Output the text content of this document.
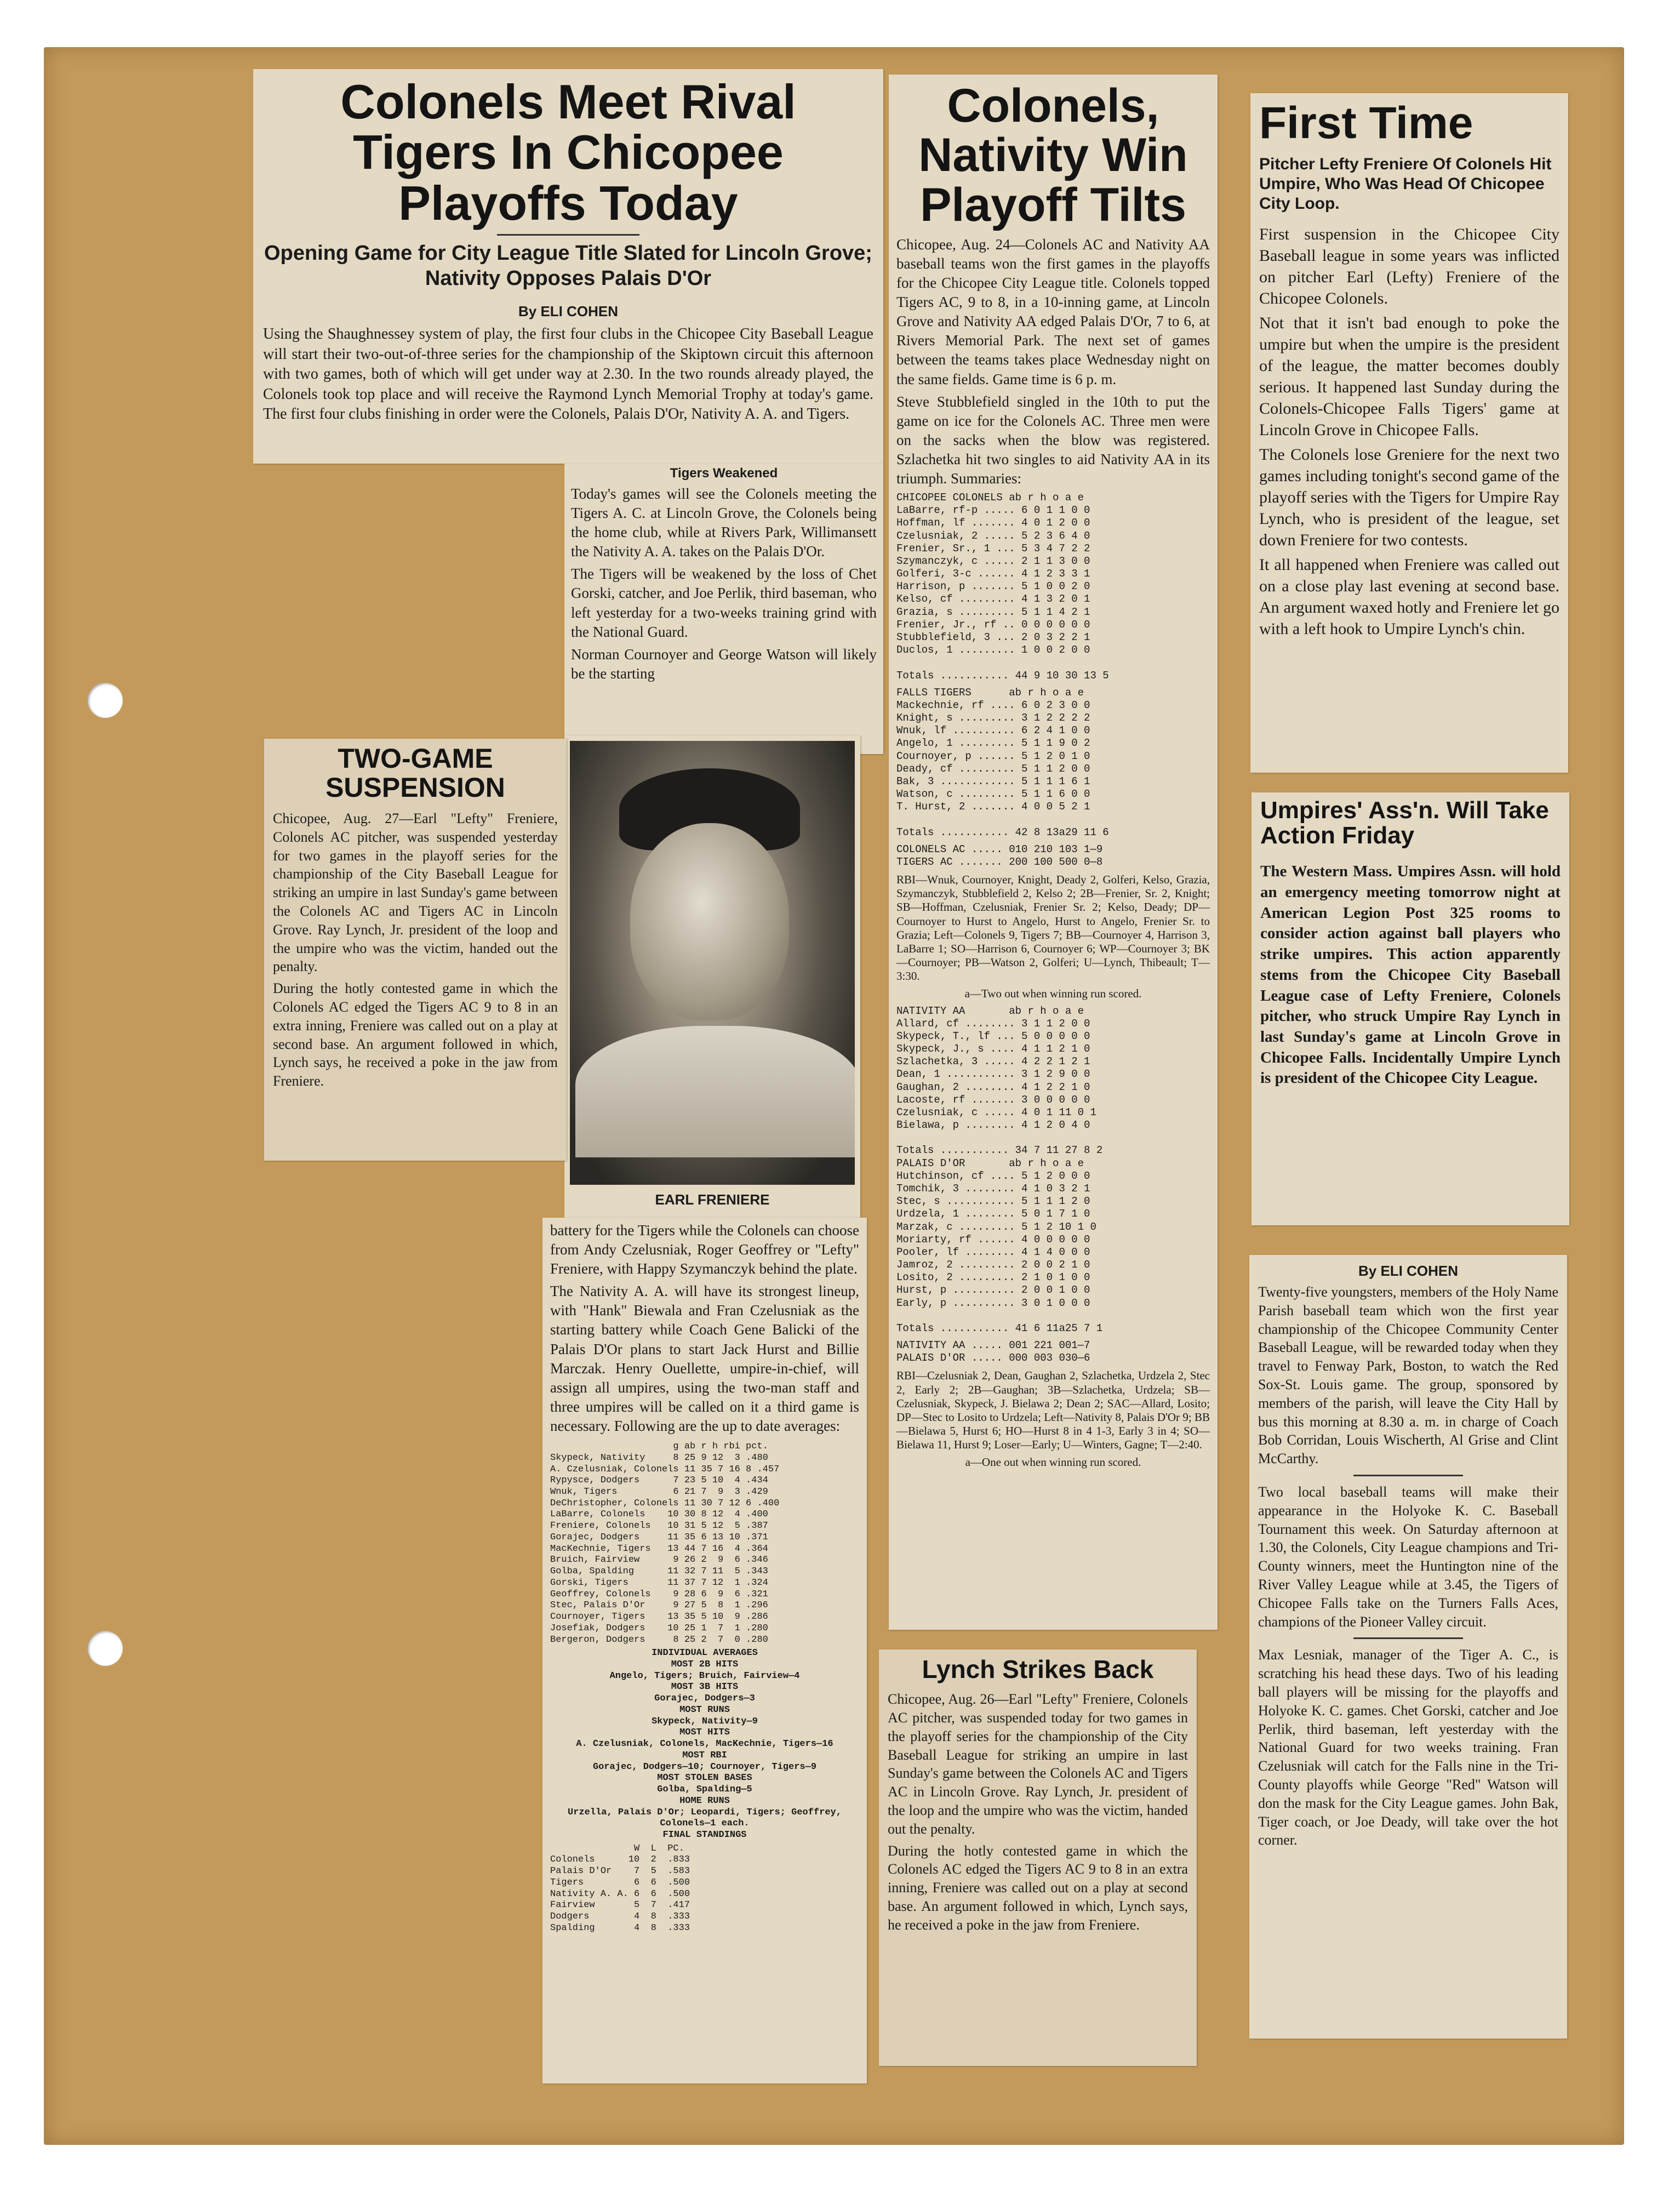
Colonels Meet Rival Tigers In Chicopee Playoffs Today
Opening Game for City League Title Slated for Lincoln Grove; Nativity Opposes Palais D'Or
By ELI COHEN

Using the Shaughnessey system of play, the first four clubs in the Chicopee City Baseball League will start their two-out-of-three series for the championship of the Skiptown circuit this afternoon with two games, both of which will get under way at 2.30. In the two rounds already played, the Colonels took top place and will receive the Raymond Lynch Memorial Trophy at today's game. The first four clubs finishing in order were the Colonels, Palais D'Or, Nativity A. A. and Tigers.

Tigers Weakened

Today's games will see the Colonels meeting the Tigers A. C. at Lincoln Grove, the Colonels being the home club, while at Rivers Park, Willimansett the Nativity A. A. takes on the Palais D'Or.

The Tigers will be weakened by the loss of Chet Gorski, catcher, and Joe Perlik, third baseman, who left yesterday for a two-weeks training grind with the National Guard.

Norman Cournoyer and George Watson will likely be the starting

EARL FRENIERE

battery for the Tigers while the Colonels can choose from Andy Czelusniak, Roger Geoffrey or "Lefty" Freniere, with Happy Szymanczyk behind the plate.

The Nativity A. A. will have its strongest lineup, with "Hank" Biewala and Fran Czelusniak as the starting battery while Coach Gene Balicki of the Palais D'Or plans to start Jack Hurst and Billie Marczak. Henry Ouellette, umpire-in-chief, will assign all umpires, using the two-man staff and three umpires will be called on it a third game is necessary. Following are the up to date averages:

g ab r h rbi pct.
Skypeck, Nativity     8 25 9 12  3 .480
A. Czelusniak, Colonels 11 35 7 16 8 .457
Rypysce, Dodgers      7 23 5 10  4 .434
Wnuk, Tigers          6 21 7  9  3 .429
DeChristopher, Colonels 11 30 7 12 6 .400
LaBarre, Colonels    10 30 8 12  4 .400
Freniere, Colonels   10 31 5 12  5 .387
Gorajec, Dodgers     11 35 6 13 10 .371
MacKechnie, Tigers   13 44 7 16  4 .364
Bruich, Fairview      9 26 2  9  6 .346
Golba, Spalding      11 32 7 11  5 .343
Gorski, Tigers       11 37 7 12  1 .324
Geoffrey, Colonels    9 28 6  9  6 .321
Stec, Palais D'Or     9 27 5  8  1 .296
Cournoyer, Tigers    13 35 5 10  9 .286
Josefiak, Dodgers    10 25 1  7  1 .280
Bergeron, Dodgers     8 25 2  7  0 .280
INDIVIDUAL AVERAGES
MOST 2B HITS
Angelo, Tigers; Bruich, Fairview—4
MOST 3B HITS
Gorajec, Dodgers—3
MOST RUNS
Skypeck, Nativity—9
MOST HITS
A. Czelusniak, Colonels, MacKechnie, Tigers—16
MOST RBI
Gorajec, Dodgers—10; Cournoyer, Tigers—9
MOST STOLEN BASES
Golba, Spalding—5
HOME RUNS
Urzella, Palais D'Or; Leopardi, Tigers; Geoffrey, Colonels—1 each.
FINAL STANDINGS
W  L  PC.
Colonels      10  2  .833
Palais D'Or    7  5  .583
Tigers         6  6  .500
Nativity A. A. 6  6  .500
Fairview       5  7  .417
Dodgers        4  8  .333
Spalding       4  8  .333
TWO-GAME SUSPENSION

Chicopee, Aug. 27—Earl "Lefty" Freniere, Colonels AC pitcher, was suspended yesterday for two games in the playoff series for the championship of the City Baseball League for striking an umpire in last Sunday's game between the Colonels AC and Tigers AC in Lincoln Grove. Ray Lynch, Jr. president of the loop and the umpire who was the victim, handed out the penalty.

During the hotly contested game in which the Colonels AC edged the Tigers AC 9 to 8 in an extra inning, Freniere was called out on a play at second base. An argument followed in which, Lynch says, he received a poke in the jaw from Freniere.

Colonels, Nativity Win Playoff Tilts

Chicopee, Aug. 24—Colonels AC and Nativity AA baseball teams won the first games in the playoffs for the Chicopee City League title. Colonels topped Tigers AC, 9 to 8, in a 10-inning game, at Lincoln Grove and Nativity AA edged Palais D'Or, 7 to 6, at Rivers Memorial Park. The next set of games between the teams takes place Wednesday night on the same fields. Game time is 6 p. m.

Steve Stubblefield singled in the 10th to put the game on ice for the Colonels AC. Three men were on the sacks when the blow was registered. Szlachetka hit two singles to aid Nativity AA in its triumph. Summaries:

CHICOPEE COLONELS ab r h o a e
LaBarre, rf-p ..... 6 0 1 1 0 0
Hoffman, lf ....... 4 0 1 2 0 0
Czelusniak, 2 ..... 5 2 3 6 4 0
Frenier, Sr., 1 ... 5 3 4 7 2 2
Szymanczyk, c ..... 2 1 1 3 0 0
Golferi, 3-c ...... 4 1 2 3 3 1
Harrison, p ....... 5 1 0 0 2 0
Kelso, cf ......... 4 1 3 2 0 1
Grazia, s ......... 5 1 1 4 2 1
Frenier, Jr., rf .. 0 0 0 0 0 0
Stubblefield, 3 ... 2 0 3 2 2 1
Duclos, 1 ......... 1 0 0 2 0 0

Totals ........... 44 9 10 30 13 5
FALLS TIGERS      ab r h o a e
Mackechnie, rf .... 6 0 2 3 0 0
Knight, s ......... 3 1 2 2 2 2
Wnuk, lf .......... 6 2 4 1 0 0
Angelo, 1 ......... 5 1 1 9 0 2
Cournoyer, p ...... 5 1 2 0 1 0
Deady, cf ......... 5 1 1 2 0 0
Bak, 3 ............ 5 1 1 1 6 1
Watson, c ......... 5 1 1 6 0 0
T. Hurst, 2 ....... 4 0 0 5 2 1

Totals ........... 42 8 13a29 11 6
COLONELS AC ..... 010 210 103 1—9
TIGERS AC ....... 200 100 500 0—8

RBI—Wnuk, Cournoyer, Knight, Deady 2, Golferi, Kelso, Grazia, Szymanczyk, Stubblefield 2, Kelso 2; 2B—Frenier, Sr. 2, Knight; SB—Hoffman, Czelusniak, Frenier Sr. 2; Kelso, Deady; DP—Cournoyer to Hurst to Angelo, Hurst to Angelo, Frenier Sr. to Grazia; Left—Colonels 9, Tigers 7; BB—Cournoyer 4, Harrison 3, LaBarre 1; SO—Harrison 6, Cournoyer 6; WP—Cournoyer 3; BK—Cournoyer; PB—Watson 2, Golferi; U—Lynch, Thibeault; T—3:30.

a—Two out when winning run scored.
NATIVITY AA       ab r h o a e
Allard, cf ........ 3 1 1 2 0 0
Skypeck, T., lf ... 5 0 0 0 0 0
Skypeck, J., s .... 4 1 1 2 1 0
Szlachetka, 3 ..... 4 2 2 1 2 1
Dean, 1 ........... 3 1 2 9 0 0
Gaughan, 2 ........ 4 1 2 2 1 0
Lacoste, rf ....... 3 0 0 0 0 0
Czelusniak, c ..... 4 0 1 11 0 1
Bielawa, p ........ 4 1 2 0 4 0

Totals ........... 34 7 11 27 8 2
PALAIS D'OR       ab r h o a e
Hutchinson, cf .... 5 1 2 0 0 0
Tomchik, 3 ........ 4 1 0 3 2 1
Stec, s ........... 5 1 1 1 2 0
Urdzela, 1 ........ 5 0 1 7 1 0
Marzak, c ......... 5 1 2 10 1 0
Moriarty, rf ...... 4 0 0 0 0 0
Pooler, lf ........ 4 1 4 0 0 0
Jamroz, 2 ......... 2 0 0 2 1 0
Losito, 2 ......... 2 1 0 1 0 0
Hurst, p .......... 2 0 0 1 0 0
Early, p .......... 3 0 1 0 0 0

Totals ........... 41 6 11a25 7 1
NATIVITY AA ..... 001 221 001—7
PALAIS D'OR ..... 000 003 030—6

RBI—Czelusniak 2, Dean, Gaughan 2, Szlachetka, Urdzela 2, Stec 2, Early 2; 2B—Gaughan; 3B—Szlachetka, Urdzela; SB—Czelusniak, Skypeck, J. Bielawa 2; Dean 2; SAC—Allard, Losito; DP—Stec to Losito to Urdzela; Left—Nativity 8, Palais D'Or 9; BB—Bielawa 5, Hurst 6; HO—Hurst 8 in 4 1-3, Early 3 in 4; SO—Bielawa 11, Hurst 9; Loser—Early; U—Winters, Gagne; T—2:40.

a—One out when winning run scored.
Lynch Strikes Back

Chicopee, Aug. 26—Earl "Lefty" Freniere, Colonels AC pitcher, was suspended today for two games in the playoff series for the championship of the City Baseball League for striking an umpire in last Sunday's game between the Colonels AC and Tigers AC in Lincoln Grove. Ray Lynch, Jr. president of the loop and the umpire who was the victim, handed out the penalty.

During the hotly contested game in which the Colonels AC edged the Tigers AC 9 to 8 in an extra inning, Freniere was called out on a play at second base. An argument followed in which, Lynch says, he received a poke in the jaw from Freniere.

First Time
Pitcher Lefty Freniere Of Colonels Hit Umpire, Who Was Head Of Chicopee City Loop.

First suspension in the Chicopee City Baseball league in some years was inflicted on pitcher Earl (Lefty) Freniere of the Chicopee Colonels.

Not that it isn't bad enough to poke the umpire but when the umpire is the president of the league, the matter becomes doubly serious. It happened last Sunday during the Colonels-Chicopee Falls Tigers' game at Lincoln Grove in Chicopee Falls.

The Colonels lose Greniere for the next two games including tonight's second game of the playoff series with the Tigers for Umpire Ray Lynch, who is president of the league, set down Freniere for two contests.

It all happened when Freniere was called out on a close play last evening at second base. An argument waxed hotly and Freniere let go with a left hook to Umpire Lynch's chin.

Umpires' Ass'n. Will Take Action Friday

The Western Mass. Umpires Assn. will hold an emergency meeting tomorrow night at American Legion Post 325 rooms to consider action against ball players who strike umpires. This action apparently stems from the Chicopee City Baseball League case of Lefty Freniere, Colonels pitcher, who struck Umpire Ray Lynch in last Sunday's game at Lincoln Grove in Chicopee Falls. Incidentally Umpire Lynch is president of the Chicopee City League.

By ELI COHEN

Twenty-five youngsters, members of the Holy Name Parish baseball team which won the first year championship of the Chicopee Community Center Baseball League, will be rewarded today when they travel to Fenway Park, Boston, to watch the Red Sox-St. Louis game. The group, sponsored by members of the parish, will leave the City Hall by bus this morning at 8.30 a. m. in charge of Coach Bob Corridan, Louis Wischerth, Al Grise and Clint McCarthy.

Two local baseball teams will make their appearance in the Holyoke K. C. Baseball Tournament this week. On Saturday afternoon at 1.30, the Colonels, City League champions and Tri-County winners, meet the Huntington nine of the River Valley League while at 3.45, the Tigers of Chicopee Falls take on the Turners Falls Aces, champions of the Pioneer Valley circuit.

Max Lesniak, manager of the Tiger A. C., is scratching his head these days. Two of his leading ball players will be missing for the playoffs and Holyoke K. C. games. Chet Gorski, catcher and Joe Perlik, third baseman, left yesterday with the National Guard for two weeks training. Fran Czelusniak will catch for the Falls nine in the Tri-County playoffs while George "Red" Watson will don the mask for the City League games. John Bak, Tiger coach, or Joe Deady, will take over the hot corner.
